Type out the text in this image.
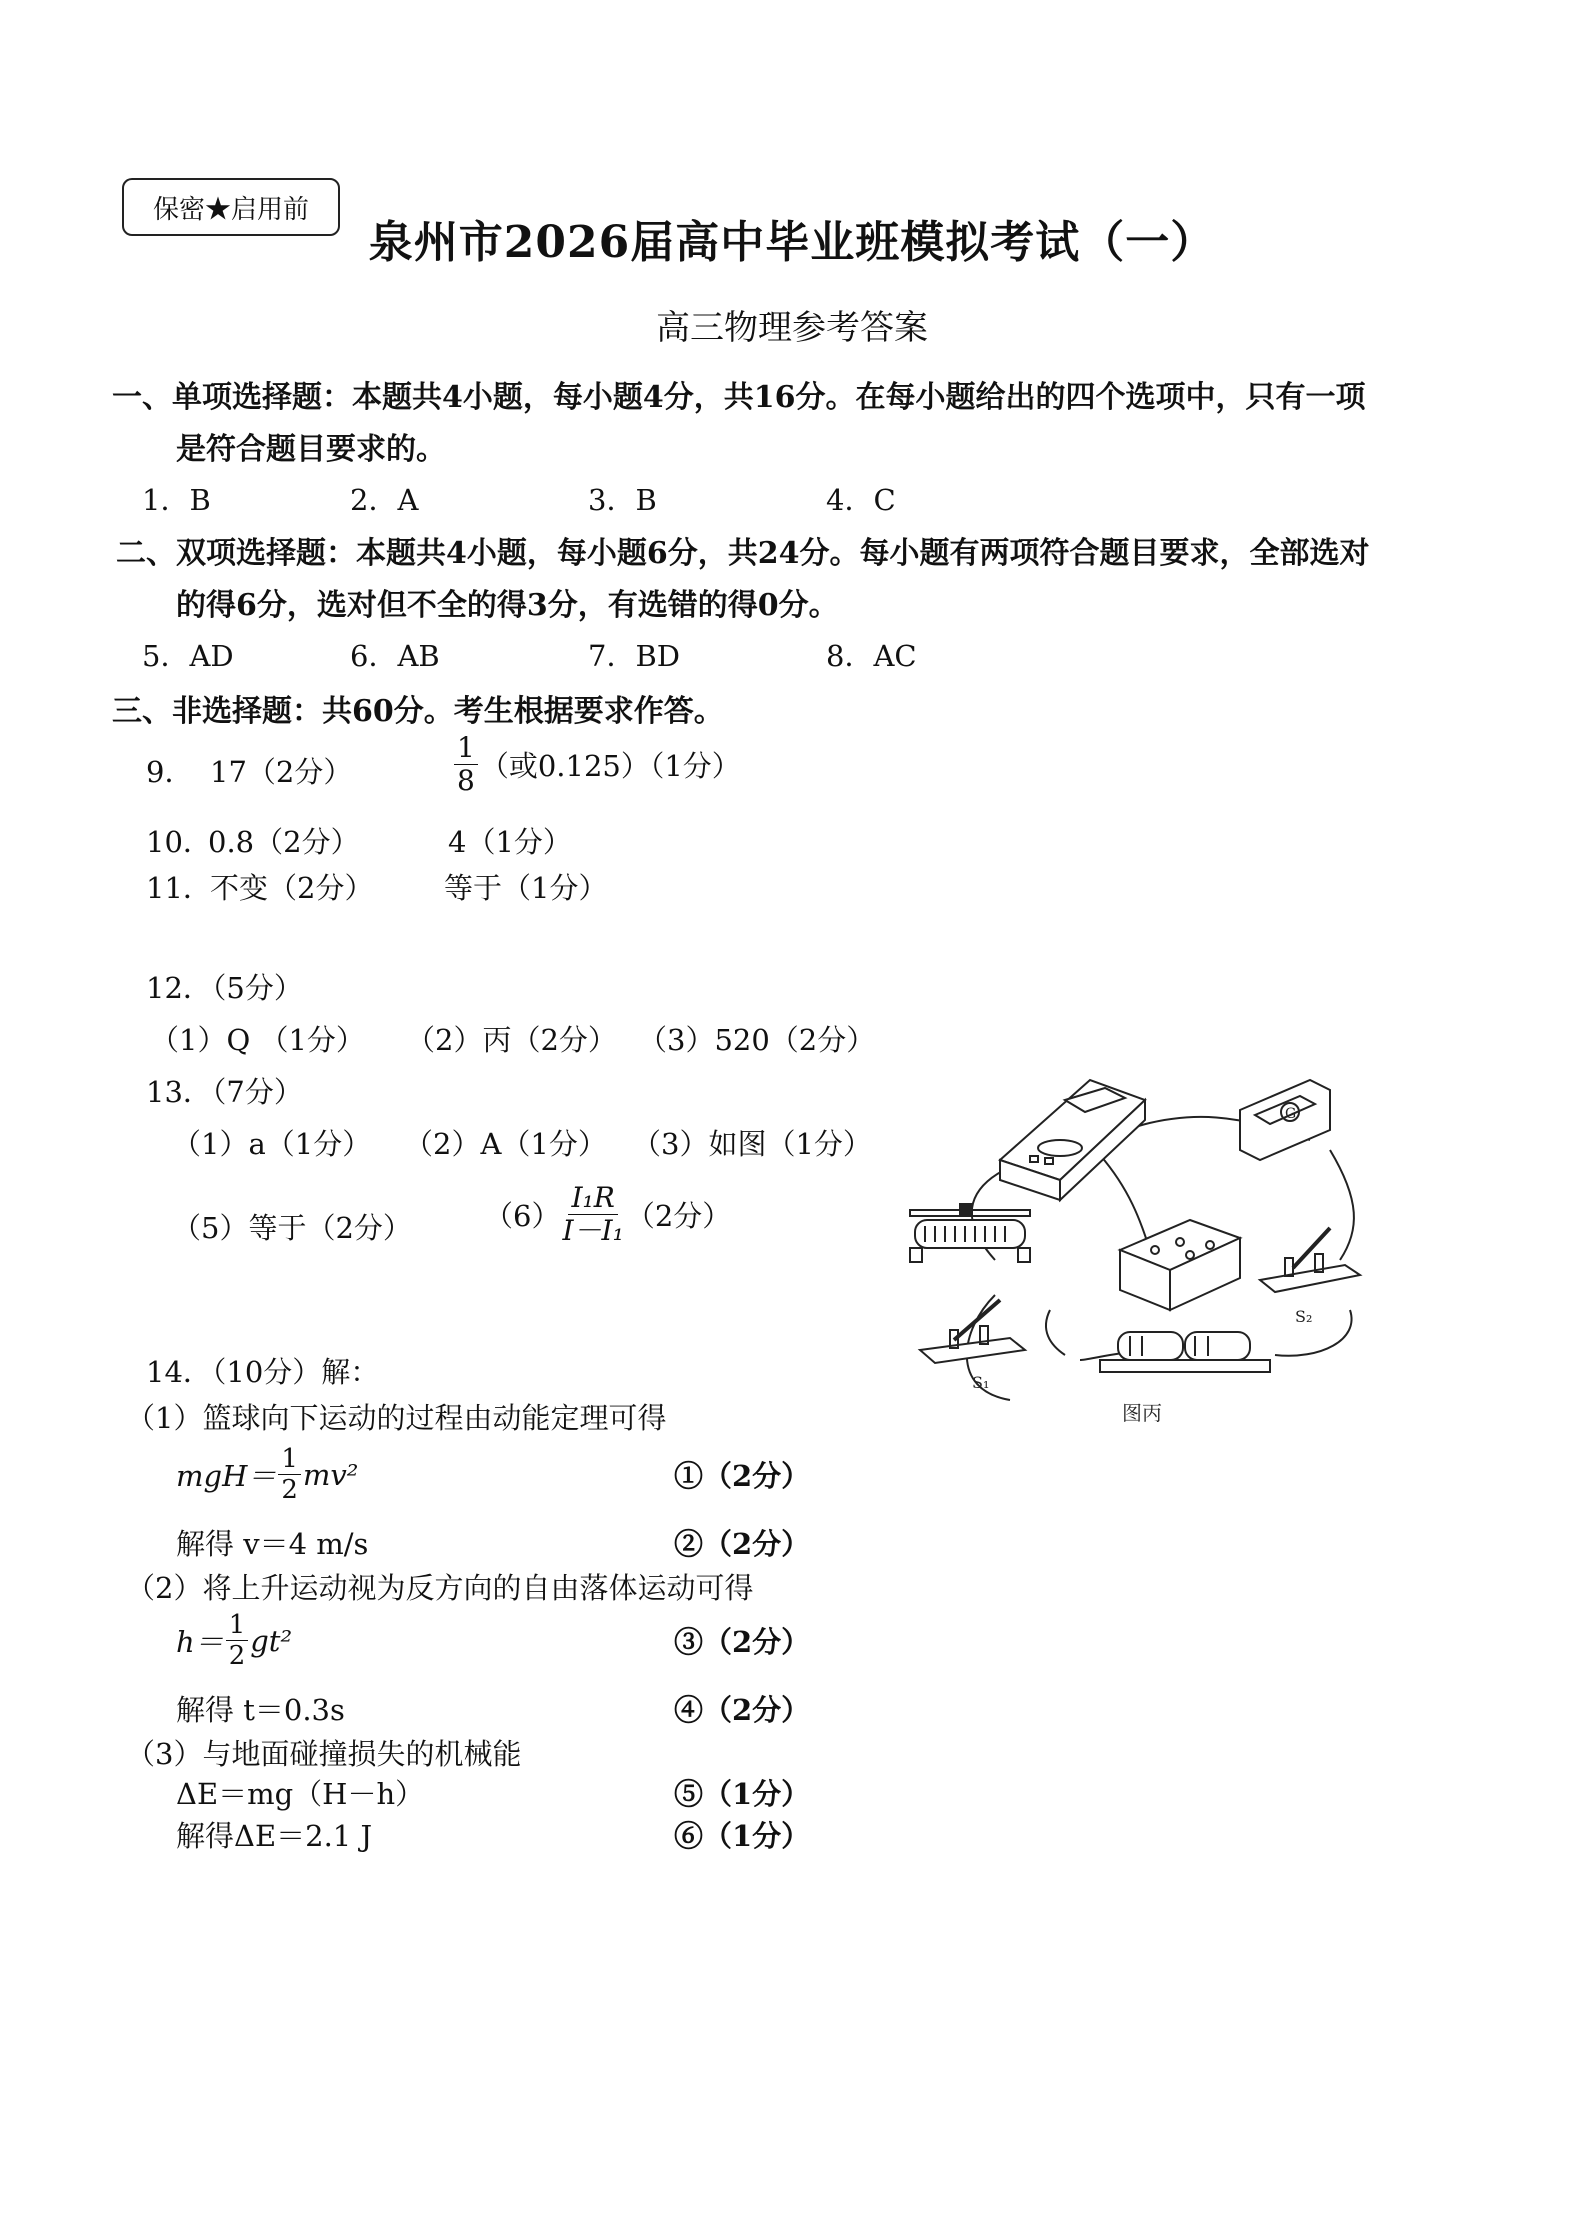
保密★启用前
泉州市2026届高中毕业班模拟考试（一）
高三物理参考答案
一、单项选择题：本题共4小题，每小题4分，共16分。在每小题给出的四个选项中，只有一项
是符合题目要求的。
1．B	2．A	3．B	4．C
二、双项选择题：本题共4小题，每小题6分，共24分。每小题有两项符合题目要求，全部选对
的得6分，选对但不全的得3分，有选错的得0分。
5．AD	6．AB	7．BD	8．AC
三、非选择题：共60分。考生根据要求作答。
9． 17（2分）	$\frac{1}{8}$ （或0.125）（1分）
10．
0.8（2分）	4（1分）
11．
不变（2分） 等于（1分）
12．（5分）
（1）Q （1分） （2）丙（2分） （3）520（2分）
13．（7分）
（1）a（1分） （2）A（1分） （3）如图（1分）
（5）等于（2分） $(6) \frac{\text{I₁R}}{\text{I－I₁}} (2$分）
14．（10分）解：
（1）篮球向下运动的过程由动能定理可得
$mgH= \frac{1}{2} mv^2$	①（2分）
解得 v＝4 m/s	②（2分）
（2）将上升运动视为反方向的自由落体运动可得
$h= \frac{1}{2} gt^2$	③（2分）
解得 t＝0.3s	④（2分）
（3）与地面碰撞损失的机械能
ΔE＝mg（H－h）	⑤（1分）
解得ΔE＝2.1 J	⑥（1分）
G
S₂
S₁
图丙
